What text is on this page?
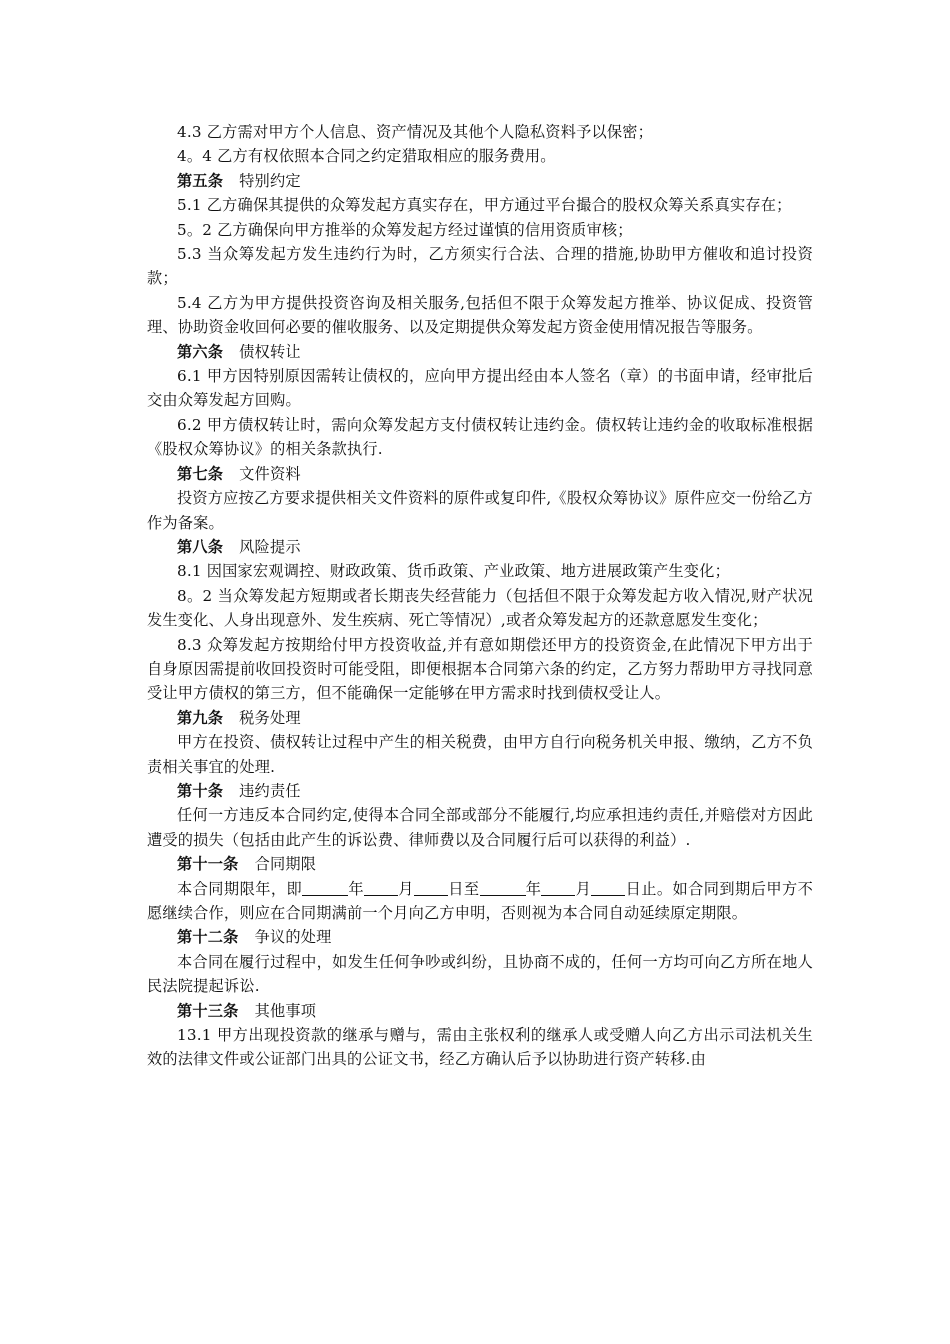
4.3 乙方需对甲方个人信息、资产情况及其他个人隐私资料予以保密；

4。4 乙方有权依照本合同之约定猎取相应的服务费用。

第五条 特别约定

5.1 乙方确保其提供的众筹发起方真实存在，甲方通过平台撮合的股权众筹关系真实存在；

5。2 乙方确保向甲方推举的众筹发起方经过谨慎的信用资质审核；

5.3 当众筹发起方发生违约行为时，乙方须实行合法、合理的措施,协助甲方催收和追讨投资款；

5.4 乙方为甲方提供投资咨询及相关服务,包括但不限于众筹发起方推举、协议促成、投资管理、协助资金收回何必要的催收服务、以及定期提供众筹发起方资金使用情况报告等服务。

第六条 债权转让

6.1 甲方因特别原因需转让债权的，应向甲方提出经由本人签名（章）的书面申请，经审批后交由众筹发起方回购。

6.2 甲方债权转让时，需向众筹发起方支付债权转让违约金。债权转让违约金的收取标准根据《股权众筹协议》的相关条款执行.

第七条 文件资料

投资方应按乙方要求提供相关文件资料的原件或复印件,《股权众筹协议》原件应交一份给乙方作为备案。

第八条 风险提示

8.1 因国家宏观调控、财政政策、货币政策、产业政策、地方进展政策产生变化；

8。2 当众筹发起方短期或者长期丧失经营能力（包括但不限于众筹发起方收入情况,财产状况发生变化、人身出现意外、发生疾病、死亡等情况）,或者众筹发起方的还款意愿发生变化；

8.3 众筹发起方按期给付甲方投资收益,并有意如期偿还甲方的投资资金,在此情况下甲方出于自身原因需提前收回投资时可能受阻，即便根据本合同第六条的约定，乙方努力帮助甲方寻找同意受让甲方债权的第三方，但不能确保一定能够在甲方需求时找到债权受让人。

第九条 税务处理

甲方在投资、债权转让过程中产生的相关税费，由甲方自行向税务机关申报、缴纳，乙方不负责相关事宜的处理.

第十条 违约责任

任何一方违反本合同约定,使得本合同全部或部分不能履行,均应承担违约责任,并赔偿对方因此遭受的损失（包括由此产生的诉讼费、律师费以及合同履行后可以获得的利益）.

第十一条 合同期限

本合同期限年，即	年 月 日至	年 月 日止。如合同到期后甲方不愿继续合作，则应在合同期满前一个月向乙方申明，否则视为本合同自动延续原定期限。

第十二条 争议的处理

本合同在履行过程中，如发生任何争吵或纠纷，且协商不成的，任何一方均可向乙方所在地人民法院提起诉讼.

第十三条 其他事项

13.1 甲方出现投资款的继承与赠与，需由主张权利的继承人或受赠人向乙方出示司法机关生效的法律文件或公证部门出具的公证文书，经乙方确认后予以协助进行资产转移.由
